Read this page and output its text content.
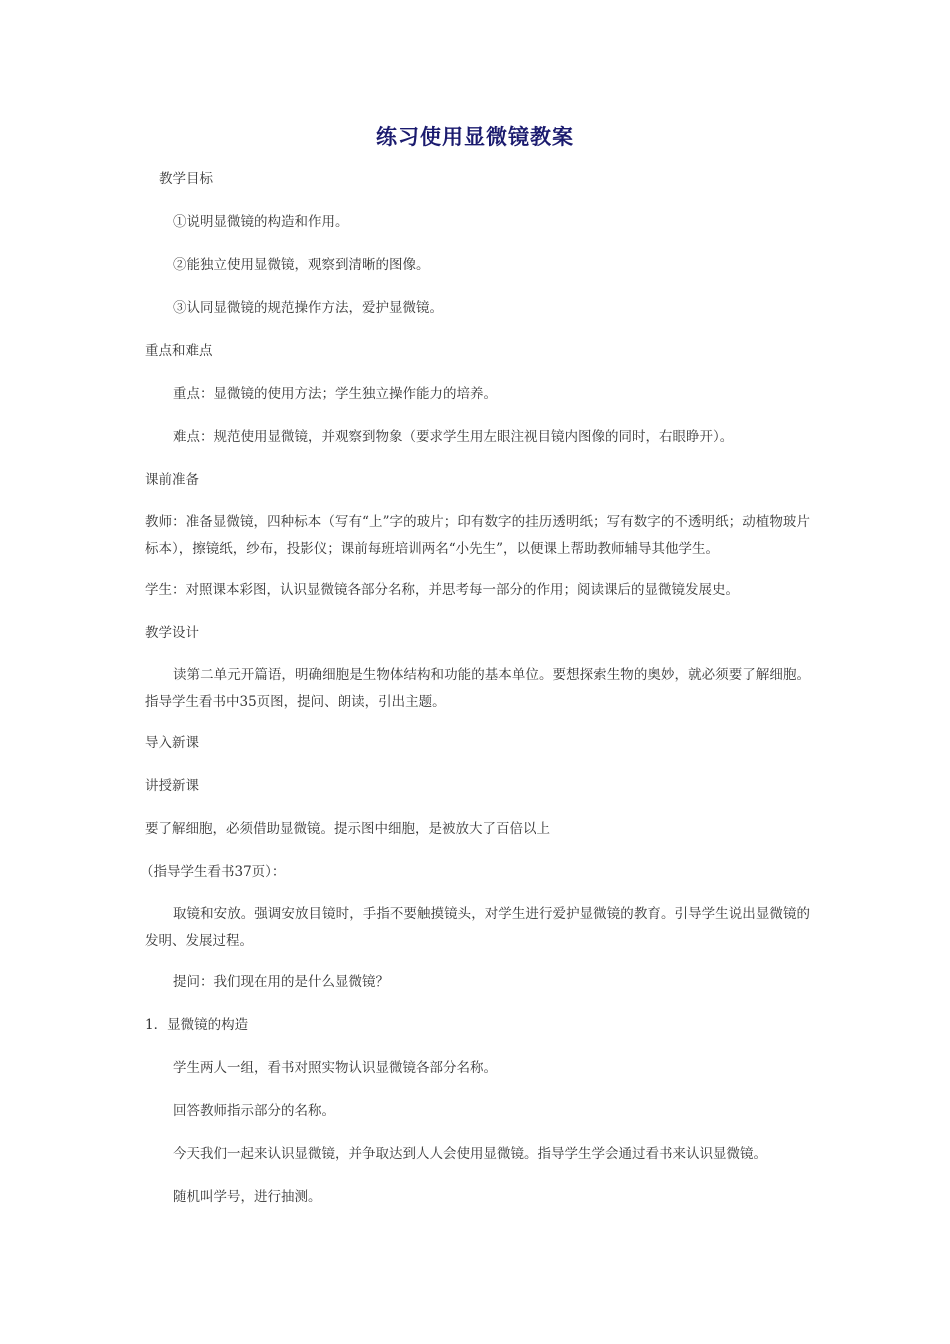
练习使用显微镜教案
教学目标
①说明显微镜的构造和作用。
②能独立使用显微镜，观察到清晰的图像。
③认同显微镜的规范操作方法，爱护显微镜。
重点和难点
重点：显微镜的使用方法；学生独立操作能力的培养。
难点：规范使用显微镜，并观察到物象（要求学生用左眼注视目镜内图像的同时，右眼睁开）。
课前准备
教师：准备显微镜，四种标本（写有“上”字的玻片；印有数字的挂历透明纸；写有数字的不透明纸；动植物玻片标本），擦镜纸，纱布，投影仪；课前每班培训两名“小先生”，以便课上帮助教师辅导其他学生。
学生：对照课本彩图，认识显微镜各部分名称，并思考每一部分的作用；阅读课后的显微镜发展史。
教学设计
读第二单元开篇语，明确细胞是生物体结构和功能的基本单位。要想探索生物的奥妙，就必须要了解细胞。指导学生看书中35页图，提问、朗读，引出主题。
导入新课
讲授新课
要了解细胞，必须借助显微镜。提示图中细胞，是被放大了百倍以上
（指导学生看书37页）：
取镜和安放。强调安放目镜时，手指不要触摸镜头，对学生进行爱护显微镜的教育。引导学生说出显微镜的发明、发展过程。
提问：我们现在用的是什么显微镜？
1．显微镜的构造
学生两人一组，看书对照实物认识显微镜各部分名称。
回答教师指示部分的名称。
今天我们一起来认识显微镜，并争取达到人人会使用显微镜。指导学生学会通过看书来认识显微镜。
随机叫学号，进行抽测。
